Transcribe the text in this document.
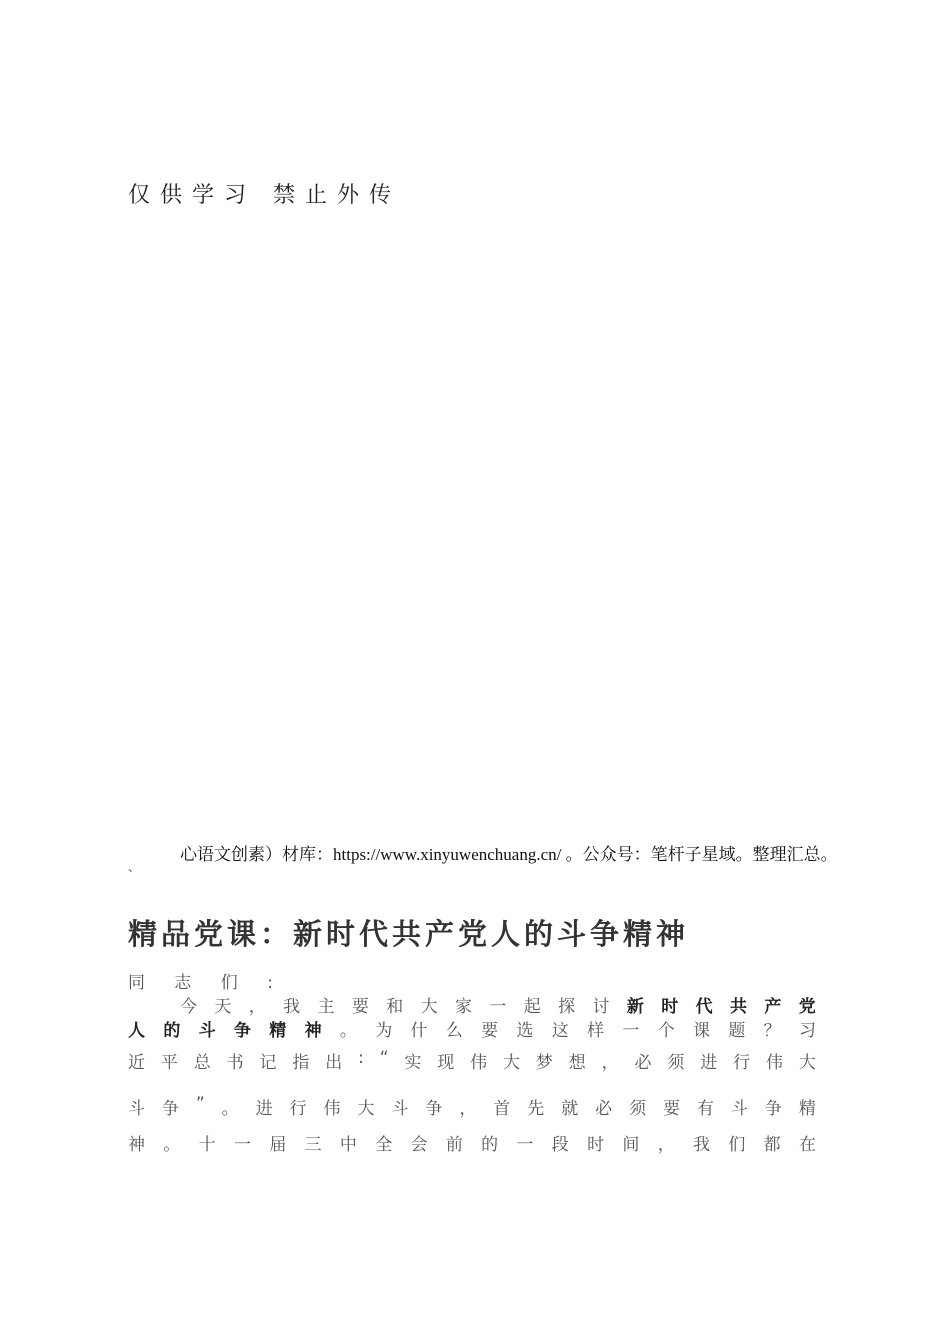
仅供学习 禁止外传
心语文创素）材库：https://www.xinyuwenchuang.cn/ 。公众号：笔杆子星域。整理汇总。
、
精品党课：新时代共产党人的斗争精神
同 志 们 :
今 天 ， 我 主 要 和 大 家 一 起 探 讨 新 时 代 共 产 党
人 的 斗 争 精 神 。 为 什 么 要 选 这 样 一 个 课 题 ？ 习
近 平 总 书 记 指 出 : “ 实 现 伟 大 梦 想 ， 必 须 进 行 伟 大
斗 争 ” 。 进 行 伟 大 斗 争 ， 首 先 就 必 须 要 有 斗 争 精
神 。 十 一 届 三 中 全 会 前 的 一 段 时 间 ， 我 们 都 在
